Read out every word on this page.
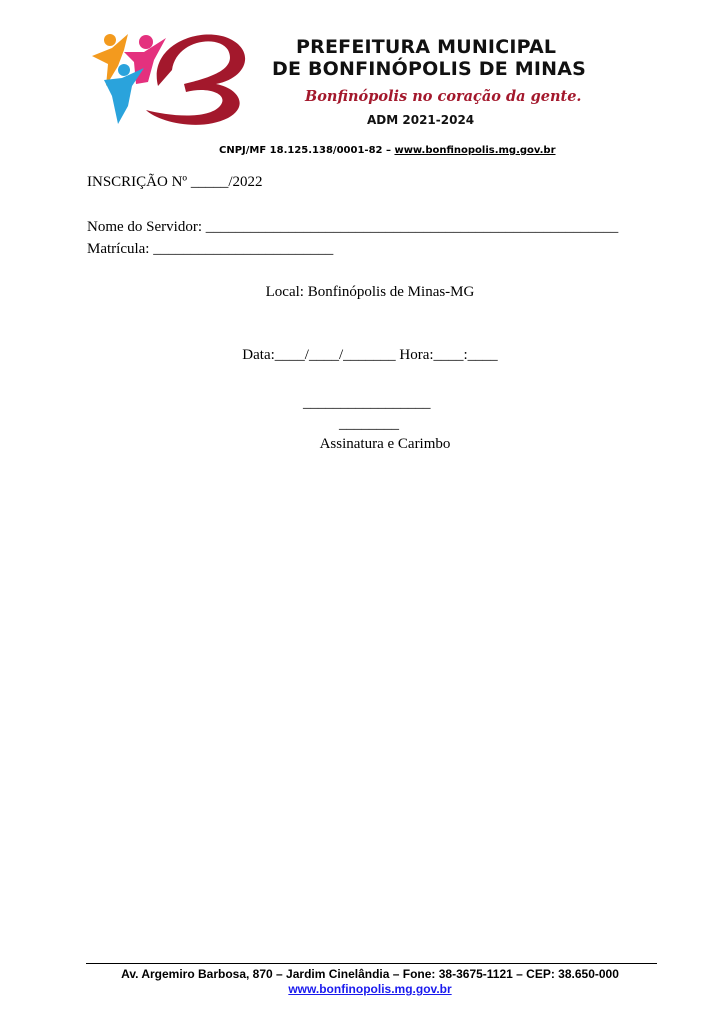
PREFEITURA MUNICIPAL
DE BONFINÓPOLIS DE MINAS
Bonfinópolis no coração da gente.
ADM 2021-2024
CNPJ/MF 18.125.138/0001-82 – www.bonfinopolis.mg.gov.br
INSCRIÇÃO Nº _____/2022
Nome do Servidor: _______________________________________________________
Matrícula: ________________________
Local: Bonfinópolis de Minas-MG
Data:____/____/_______ Hora:____:____
_________________
________
Assinatura e Carimbo
Av. Argemiro Barbosa, 870 – Jardim Cinelândia – Fone: 38-3675-1121 – CEP: 38.650-000
www.bonfinopolis.mg.gov.br
